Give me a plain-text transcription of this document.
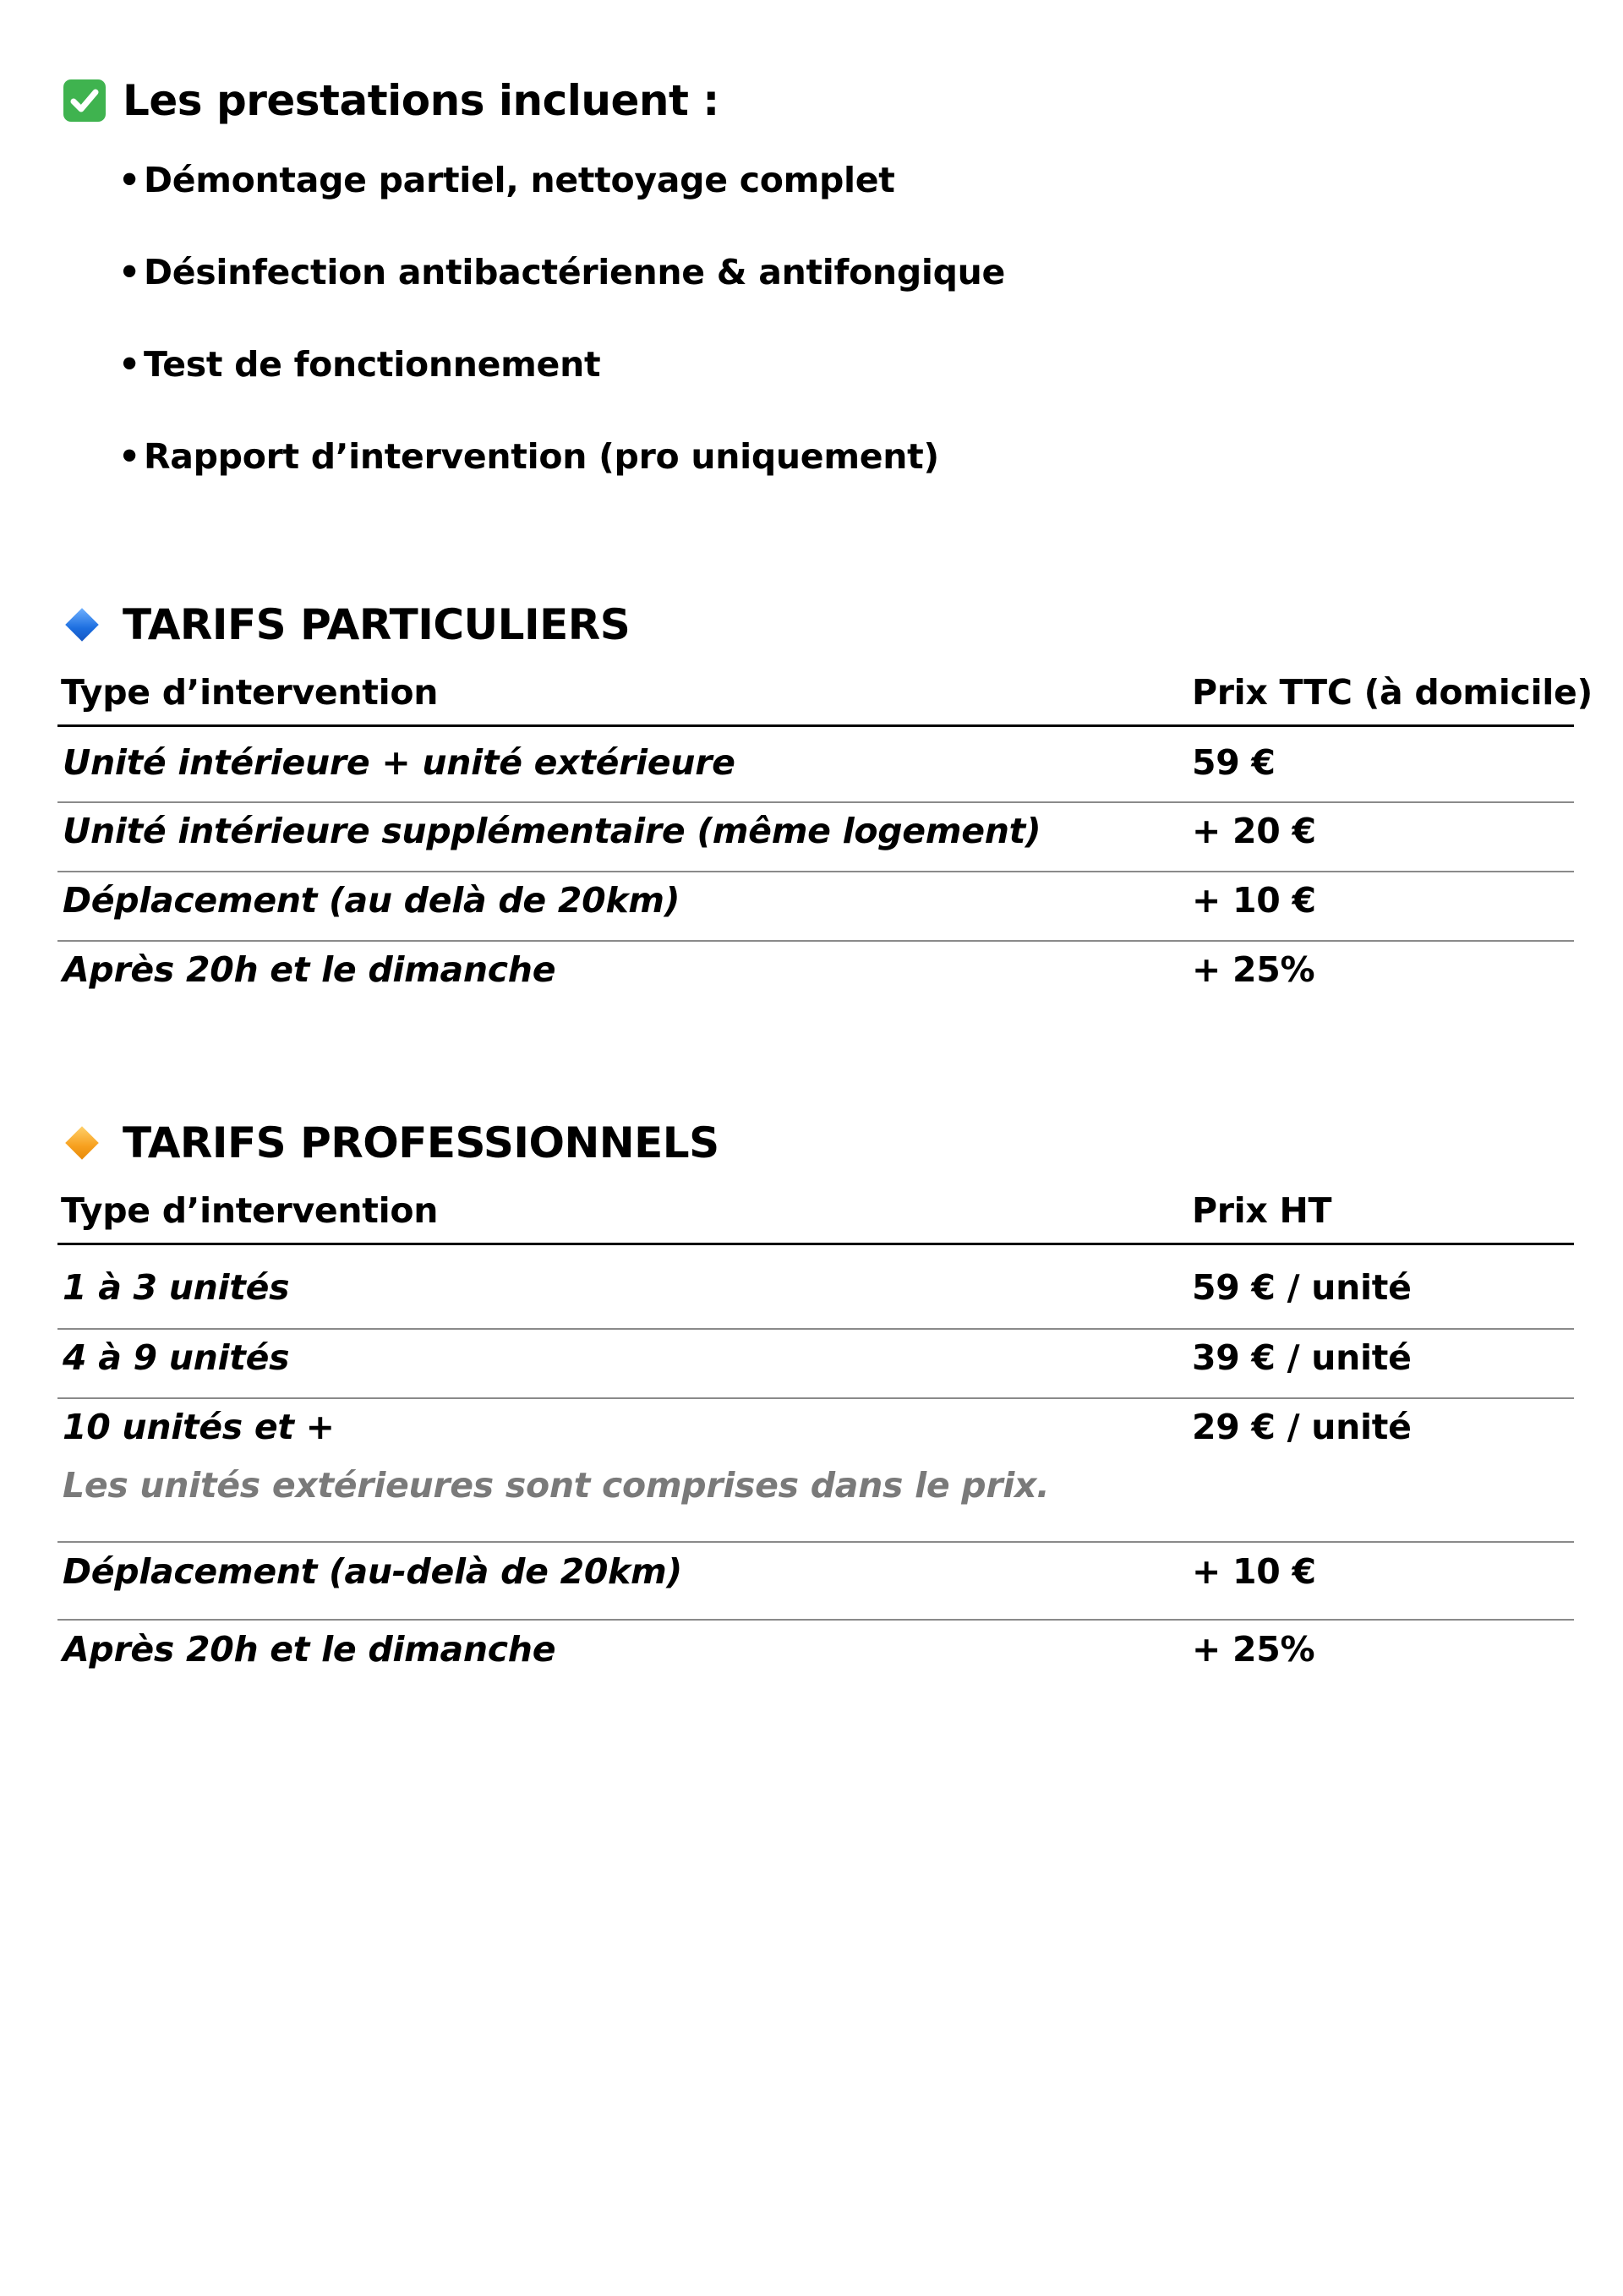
Les prestations incluent :
•Démontage partiel, nettoyage complet
•Désinfection antibactérienne & antifongique
•Test de fonctionnement
•Rapport d’intervention (pro uniquement)
TARIFS PARTICULIERS
Type d’intervention	Prix TTC (à domicile)
Unité intérieure + unité extérieure	59 €
Unité intérieure supplémentaire (même logement)	+ 20 €
Déplacement (au delà de 20km)	+ 10 €
Après 20h et le dimanche	+ 25%
TARIFS PROFESSIONNELS
Type d’intervention	Prix HT
1 à 3 unités	59 € / unité
4 à 9 unités	39 € / unité
10 unités et +	29 € / unité
Les unités extérieures sont comprises dans le prix.
Déplacement (au-delà de 20km)	+ 10 €
Après 20h et le dimanche	+ 25%
